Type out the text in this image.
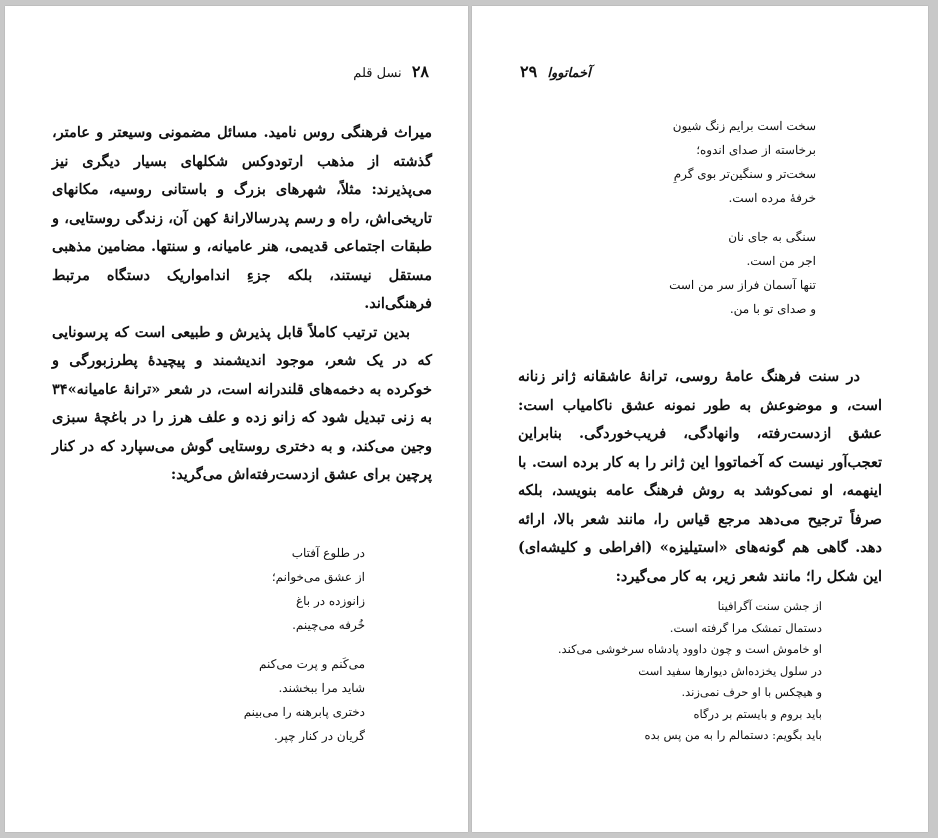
۲۸ نسل قلم

میراث فرهنگی روس نامید. مسائل مضمونی وسیعتر و عامتر، گذشته از مذهب ارتودوکس شکلهای بسیار دیگری نیز می‌پذیرند: مثلاً، شهرهای بزرگ و باستانی روسیه، مکانهای تاریخی‌اش، راه و رسم پدرسالارانهٔ کهن آن، زندگی روستایی، و طبقات اجتماعی قدیمی، هنر عامیانه، و سنتها. مضامین مذهبی مستقل نیستند، بلکه جزءِ اندامواریک دستگاه مرتبط فرهنگی‌اند.

بدین ترتیب کاملاً قابل پذیرش و طبیعی است که پرسونایی که در یک شعر، موجود اندیشمند و پیچیدهٔ پطرزبورگی و خوکرده به دخمه‌های قلندرانه است، در شعر «ترانهٔ عامیانه»۳۴ به زنی تبدیل شود که زانو زده و علف هرز را در باغچهٔ سبزی وجین می‌کند، و به دختری روستایی گوش می‌سپارد که در کنار پرچین برای عشق ازدست‌رفته‌اش می‌گرید:

در طلوع آفتاب
از عشق می‌خوانم؛
زانوزده در باغ
خُرفه می‌چینم.
می‌کَنم و پرت می‌کنم
شاید مرا ببخشند.
دختری پابرهنه را می‌بینم
گریان در کنار چپر.
آخماتووا ۲۹
سخت است برایم زنگ شیون
برخاسته از صدای اندوه؛
سخت‌تر و سنگین‌تر بوی گرمِ
خرفهٔ مرده است.
سنگی به جای نان
اجر من است.
تنها آسمان فراز سر من است
و صدای تو با من.

در سنت فرهنگ عامهٔ روسی، ترانهٔ عاشقانه ژانر زنانه است، و موضوعش به طور نمونه عشق ناکامیاب است: عشق ازدست‌رفته، وانهادگی، فریب‌خوردگی. بنابراین تعجب‌آور نیست که آخماتووا این ژانر را به کار برده است. با اینهمه، او نمی‌کوشد به روش فرهنگ عامه بنویسد، بلکه صرفاً ترجیح می‌دهد مرجع قیاس را، مانند شعر بالا، ارائه دهد. گاهی هم گونه‌های «استیلیزه» (افراطی و کلیشه‌ای) این شکل را؛ مانند شعر زیر، به کار می‌گیرد:

از جشن سنت آگرافینا
دستمال تمشک مرا گرفته است.
او خاموش است و چون داوود پادشاه سرخوشی می‌کند.
در سلول یخزده‌اش دیوارها سفید است
و هیچکس با او حرف نمی‌زند.
باید بروم و بایستم بر درگاه
باید بگویم: دستمالم را به من پس بده
